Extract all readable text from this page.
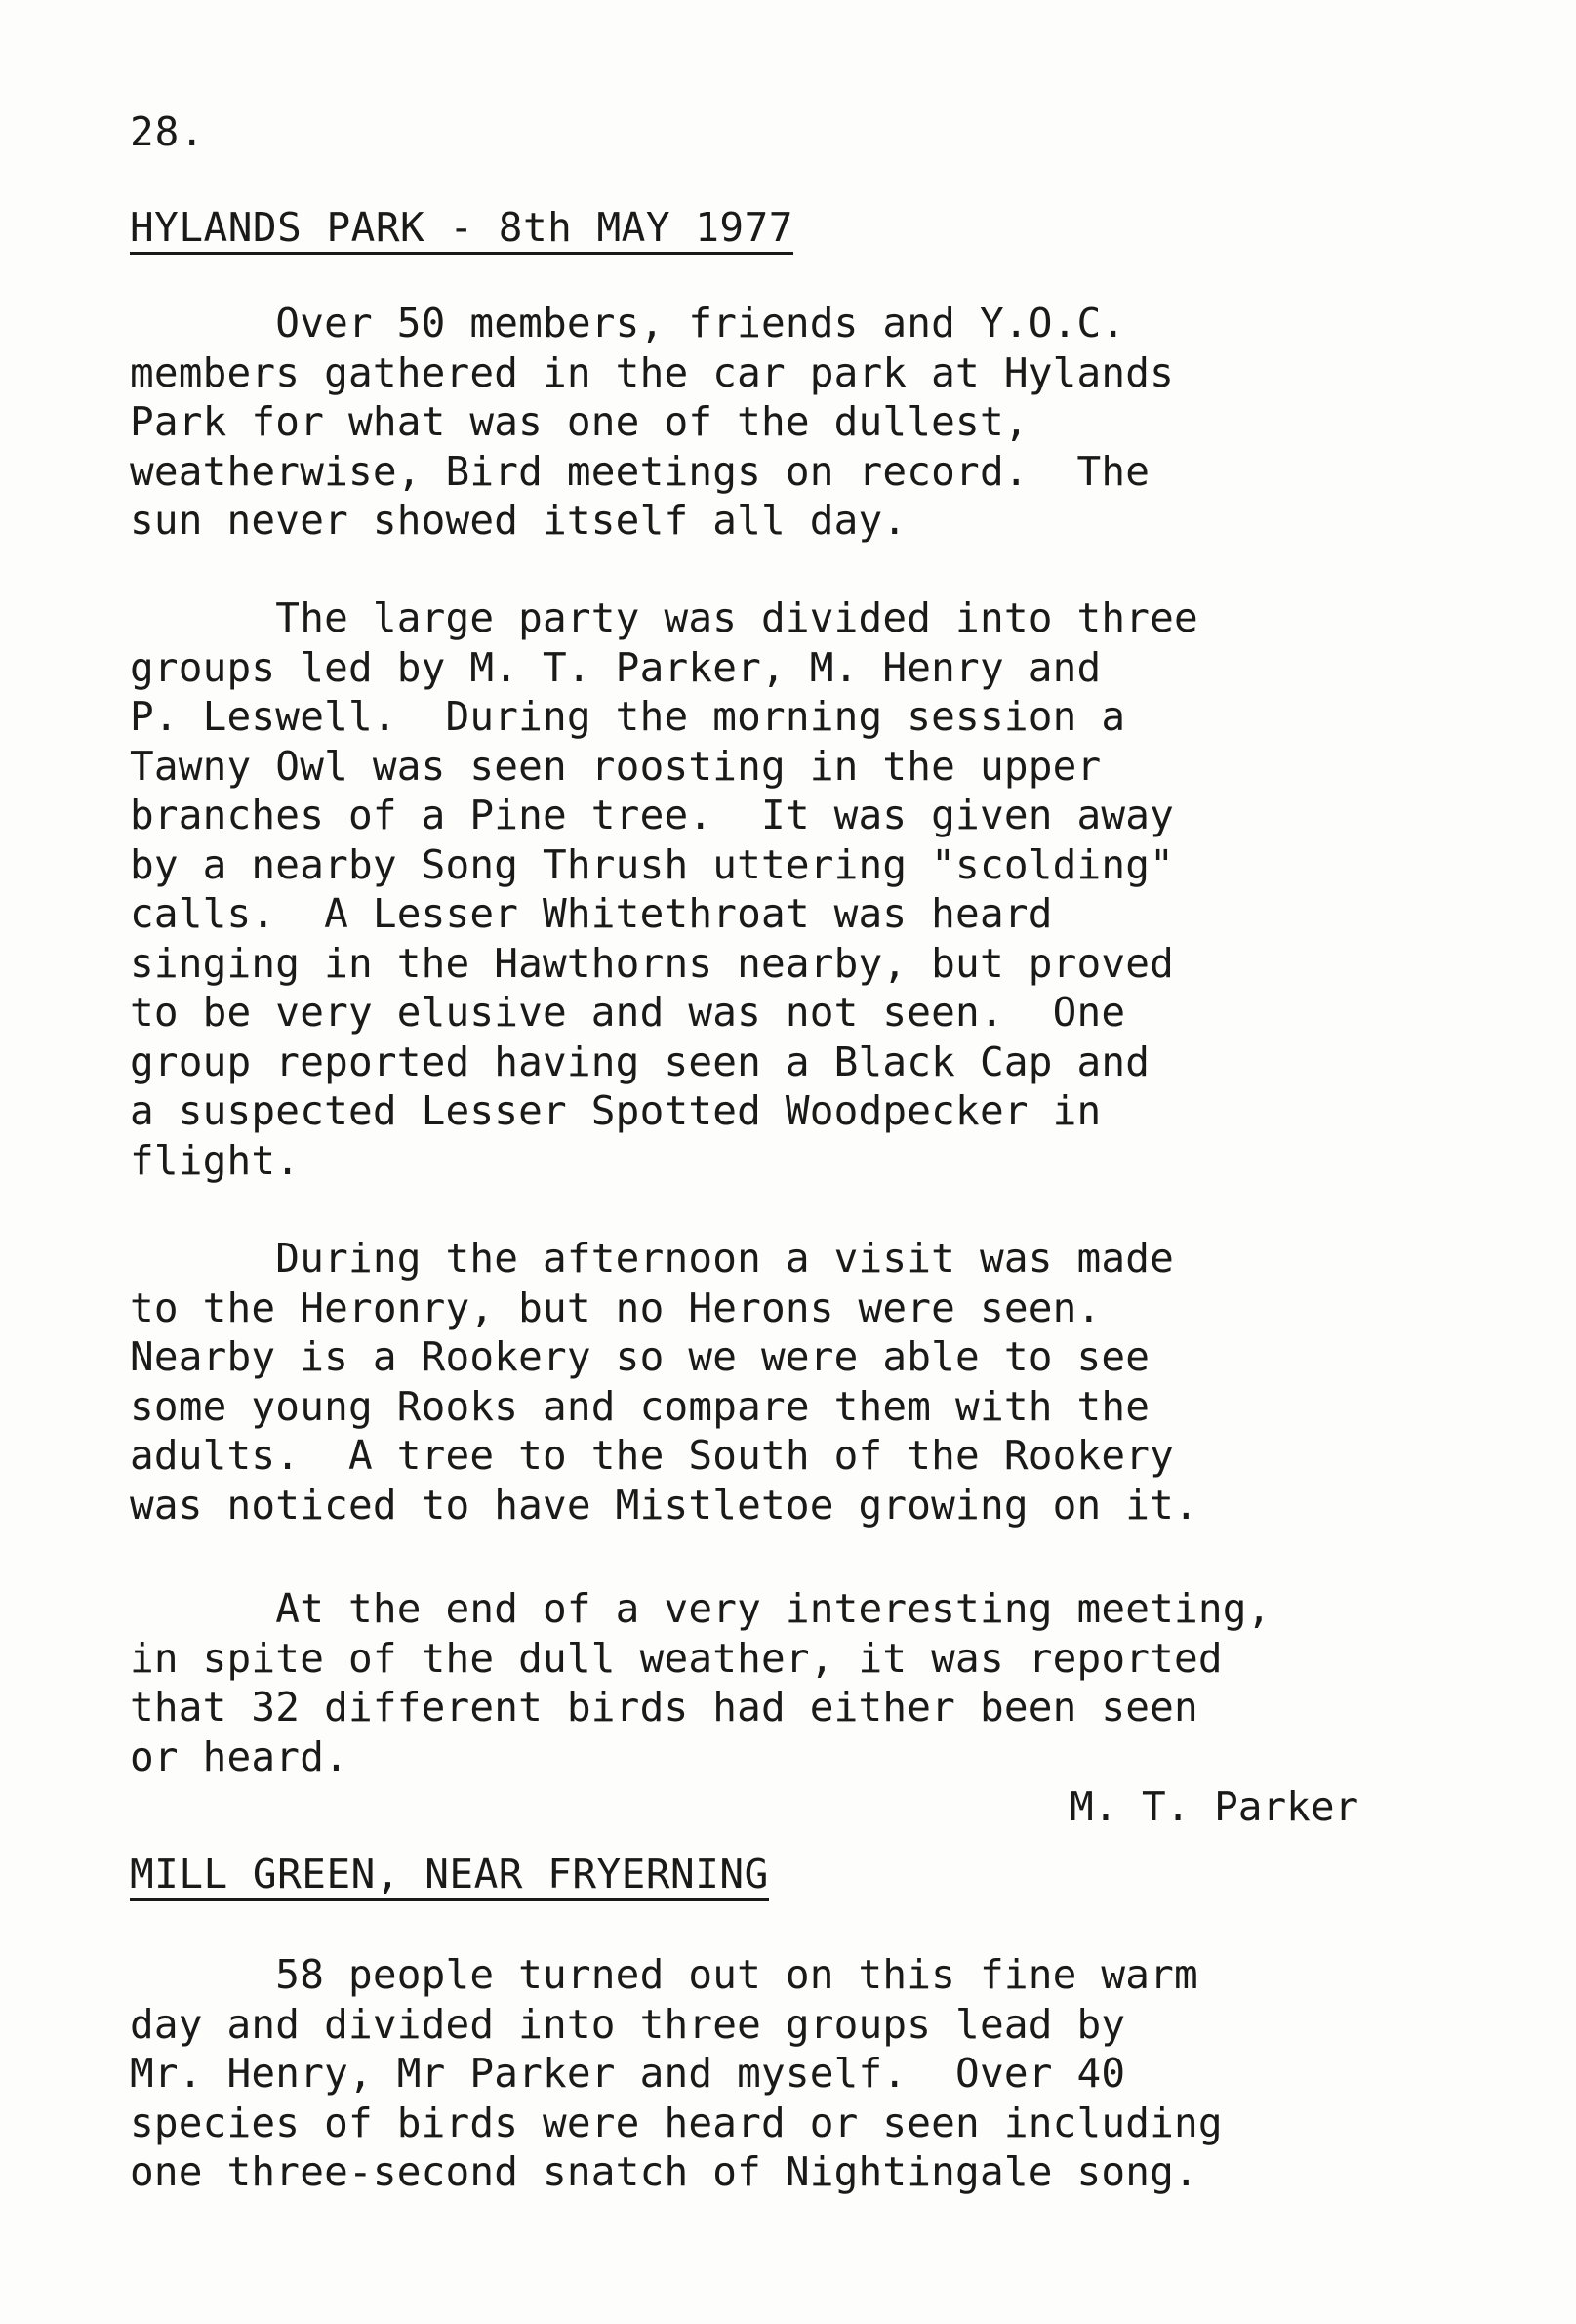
28.
HYLANDS PARK - 8th MAY 1977
Over 50 members, friends and Y.O.C.
members gathered in the car park at Hylands
Park for what was one of the dullest,
weatherwise, Bird meetings on record.  The
sun never showed itself all day.
The large party was divided into three
groups led by M. T. Parker, M. Henry and
P. Leswell.  During the morning session a
Tawny Owl was seen roosting in the upper
branches of a Pine tree.  It was given away
by a nearby Song Thrush uttering "scolding"
calls.  A Lesser Whitethroat was heard
singing in the Hawthorns nearby, but proved
to be very elusive and was not seen.  One
group reported having seen a Black Cap and
a suspected Lesser Spotted Woodpecker in
flight.
During the afternoon a visit was made
to the Heronry, but no Herons were seen.
Nearby is a Rookery so we were able to see
some young Rooks and compare them with the
adults.  A tree to the South of the Rookery
was noticed to have Mistletoe growing on it.
At the end of a very interesting meeting,
in spite of the dull weather, it was reported
that 32 different birds had either been seen
or heard.
M. T. Parker
MILL GREEN, NEAR FRYERNING
58 people turned out on this fine warm
day and divided into three groups lead by
Mr. Henry, Mr Parker and myself.  Over 40
species of birds were heard or seen including
one three-second snatch of Nightingale song.
